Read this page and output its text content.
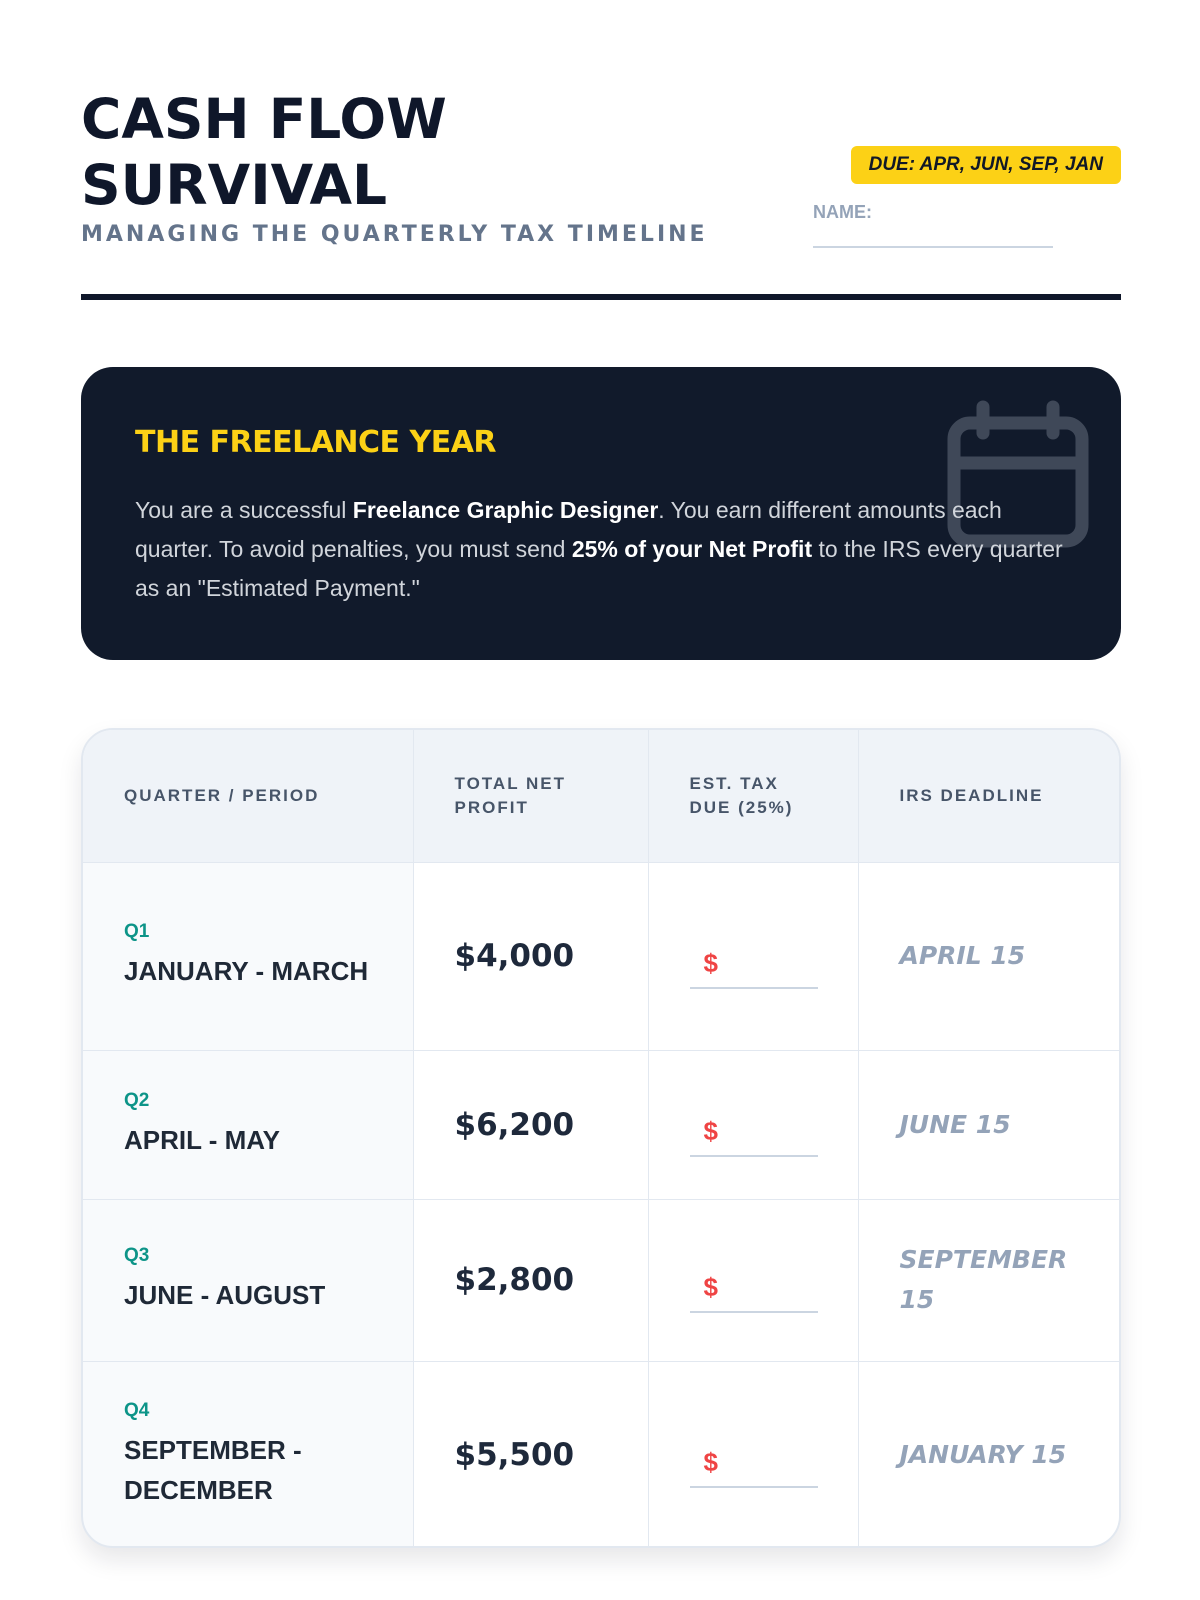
CASH FLOW
SURVIVAL
MANAGING THE QUARTERLY TAX TIMELINE
DUE: APR, JUN, SEP, JAN
NAME:
THE FREELANCE YEAR

You are a successful Freelance Graphic Designer. You earn different amounts each quarter. To avoid penalties, you must send 25% of your Net Profit to the IRS every quarter as an "Estimated Payment."

QUARTER / PERIOD	TOTAL NET PROFIT	EST. TAX DUE (25%)	IRS DEADLINE

Q1
JANUARY - MARCH	$4,000	$	APRIL 15

Q2
APRIL - MAY	$6,200	$	JUNE 15

Q3
JUNE - AUGUST	$2,800	$	SEPTEMBER 15

Q4
SEPTEMBER - DECEMBER	$5,500	$	JANUARY 15
